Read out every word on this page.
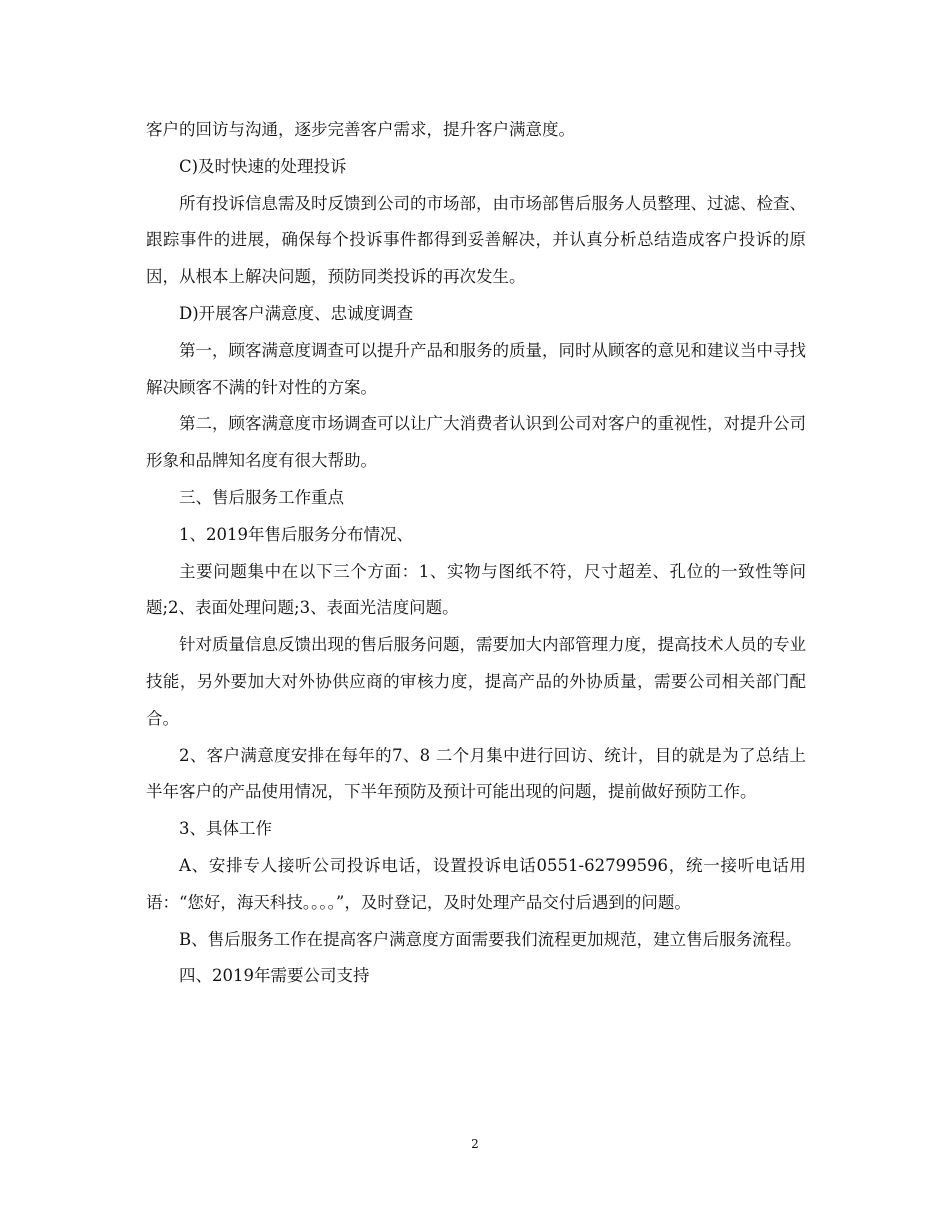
客户的回访与沟通，逐步完善客户需求，提升客户满意度。

C)及时快速的处理投诉

所有投诉信息需及时反馈到公司的市场部，由市场部售后服务人员整理、过滤、检查、跟踪事件的进展，确保每个投诉事件都得到妥善解决，并认真分析总结造成客户投诉的原因，从根本上解决问题，预防同类投诉的再次发生。

D)开展客户满意度、忠诚度调查

第一，顾客满意度调查可以提升产品和服务的质量，同时从顾客的意见和建议当中寻找解决顾客不满的针对性的方案。

第二，顾客满意度市场调查可以让广大消费者认识到公司对客户的重视性，对提升公司形象和品牌知名度有很大帮助。

三、售后服务工作重点

1、2019年售后服务分布情况、

主要问题集中在以下三个方面：1、实物与图纸不符，尺寸超差、孔位的一致性等问题;2、表面处理问题;3、表面光洁度问题。

针对质量信息反馈出现的售后服务问题，需要加大内部管理力度，提高技术人员的专业技能，另外要加大对外协供应商的审核力度，提高产品的外协质量，需要公司相关部门配合。

2、客户满意度安排在每年的7、8 二个月集中进行回访、统计，目的就是为了总结上半年客户的产品使用情况，下半年预防及预计可能出现的问题，提前做好预防工作。

3、具体工作

A、安排专人接听公司投诉电话，设置投诉电话0551-62799596，统一接听电话用语：“您好，海天科技。。。。”，及时登记，及时处理产品交付后遇到的问题。

B、售后服务工作在提高客户满意度方面需要我们流程更加规范，建立售后服务流程。

四、2019年需要公司支持

2
